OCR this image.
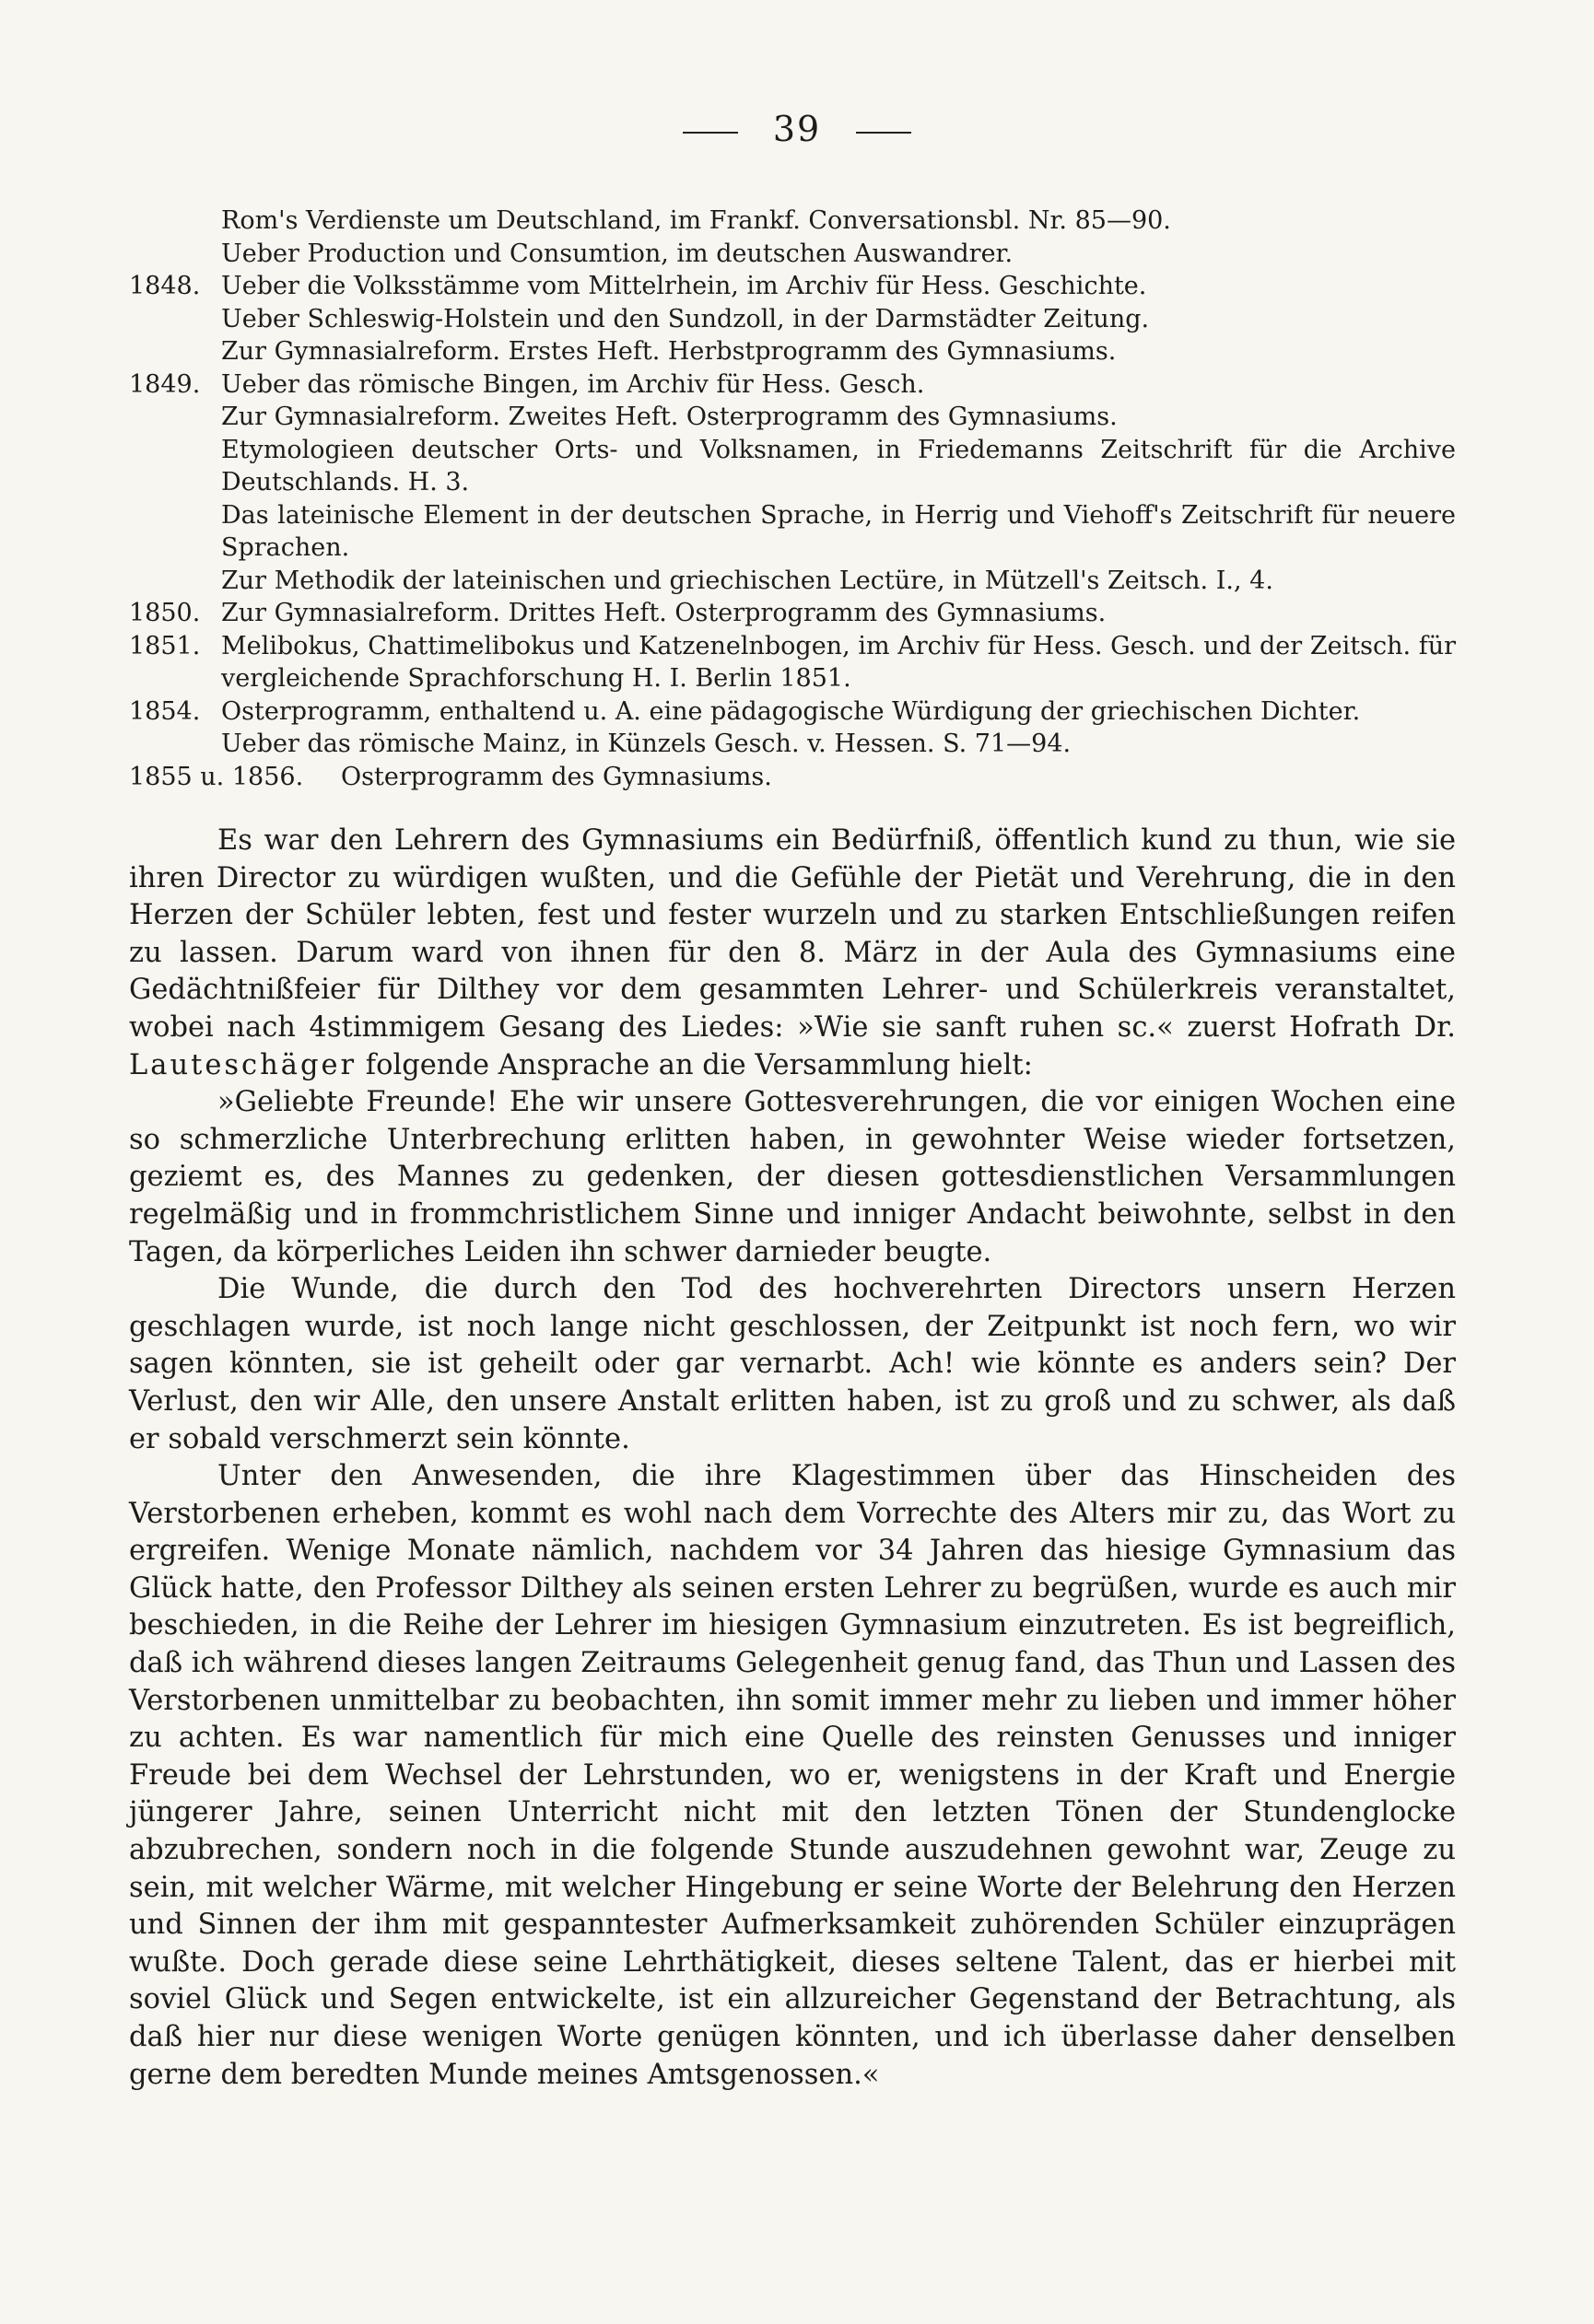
39
Rom's Verdienste um Deutschland, im Frankf. Conversationsbl. Nr. 85—90.
Ueber Production und Consumtion, im deutschen Auswandrer.
1848. Ueber die Volksstämme vom Mittelrhein, im Archiv für Hess. Geschichte.
Ueber Schleswig-Holstein und den Sundzoll, in der Darmstädter Zeitung.
Zur Gymnasialreform. Erstes Heft. Herbstprogramm des Gymnasiums.
1849. Ueber das römische Bingen, im Archiv für Hess. Gesch.
Zur Gymnasialreform. Zweites Heft. Osterprogramm des Gymnasiums.
Etymologieen deutscher Orts- und Volksnamen, in Friedemanns Zeitschrift für die Archive Deutschlands. H. 3.
Das lateinische Element in der deutschen Sprache, in Herrig und Viehoff's Zeitschrift für neuere Sprachen.
Zur Methodik der lateinischen und griechischen Lectüre, in Mützell's Zeitsch. I., 4.
1850. Zur Gymnasialreform. Drittes Heft. Osterprogramm des Gymnasiums.
1851. Melibokus, Chattimelibokus und Katzenelnbogen, im Archiv für Hess. Gesch. und der Zeitsch. für vergleichende Sprachforschung H. I. Berlin 1851.
1854. Osterprogramm, enthaltend u. A. eine pädagogische Würdigung der griechischen Dichter.
Ueber das römische Mainz, in Künzels Gesch. v. Hessen. S. 71—94.
1855 u. 1856.	Osterprogramm des Gymnasiums.

Es war den Lehrern des Gymnasiums ein Bedürfniß, öffentlich kund zu thun, wie sie ihren Director zu würdigen wußten, und die Gefühle der Pietät und Verehrung, die in den Herzen der Schüler lebten, fest und fester wurzeln und zu starken Entschließungen reifen zu lassen. Darum ward von ihnen für den 8. März in der Aula des Gymnasiums eine Gedächtnißfeier für Dilthey vor dem gesammten Lehrer- und Schülerkreis veranstaltet, wobei nach 4stimmigem Gesang des Liedes: »Wie sie sanft ruhen sc.« zuerst Hofrath Dr. Lauteschäger folgende Ansprache an die Versammlung hielt:

»Geliebte Freunde! Ehe wir unsere Gottesverehrungen, die vor einigen Wochen eine so schmerzliche Unterbrechung erlitten haben, in gewohnter Weise wieder fortsetzen, geziemt es, des Mannes zu gedenken, der diesen gottesdienstlichen Versammlungen regelmäßig und in frommchristlichem Sinne und inniger Andacht beiwohnte, selbst in den Tagen, da körperliches Leiden ihn schwer darnieder beugte.

Die Wunde, die durch den Tod des hochverehrten Directors unsern Herzen geschlagen wurde, ist noch lange nicht geschlossen, der Zeitpunkt ist noch fern, wo wir sagen könnten, sie ist geheilt oder gar vernarbt. Ach! wie könnte es anders sein? Der Verlust, den wir Alle, den unsere Anstalt erlitten haben, ist zu groß und zu schwer, als daß er sobald verschmerzt sein könnte.

Unter den Anwesenden, die ihre Klagestimmen über das Hinscheiden des Verstorbenen erheben, kommt es wohl nach dem Vorrechte des Alters mir zu, das Wort zu ergreifen. Wenige Monate nämlich, nachdem vor 34 Jahren das hiesige Gymnasium das Glück hatte, den Professor Dilthey als seinen ersten Lehrer zu begrüßen, wurde es auch mir beschieden, in die Reihe der Lehrer im hiesigen Gymnasium einzutreten. Es ist begreiflich, daß ich während dieses langen Zeitraums Gelegenheit genug fand, das Thun und Lassen des Verstorbenen unmittelbar zu beobachten, ihn somit immer mehr zu lieben und immer höher zu achten. Es war namentlich für mich eine Quelle des reinsten Genusses und inniger Freude bei dem Wechsel der Lehrstunden, wo er, wenigstens in der Kraft und Energie jüngerer Jahre, seinen Unterricht nicht mit den letzten Tönen der Stundenglocke abzubrechen, sondern noch in die folgende Stunde auszudehnen gewohnt war, Zeuge zu sein, mit welcher Wärme, mit welcher Hingebung er seine Worte der Belehrung den Herzen und Sinnen der ihm mit gespanntester Aufmerksamkeit zuhörenden Schüler einzuprägen wußte. Doch gerade diese seine Lehrthätigkeit, dieses seltene Talent, das er hierbei mit soviel Glück und Segen entwickelte, ist ein allzureicher Gegenstand der Betrachtung, als daß hier nur diese wenigen Worte genügen könnten, und ich überlasse daher denselben gerne dem beredten Munde meines Amtsgenossen.«
